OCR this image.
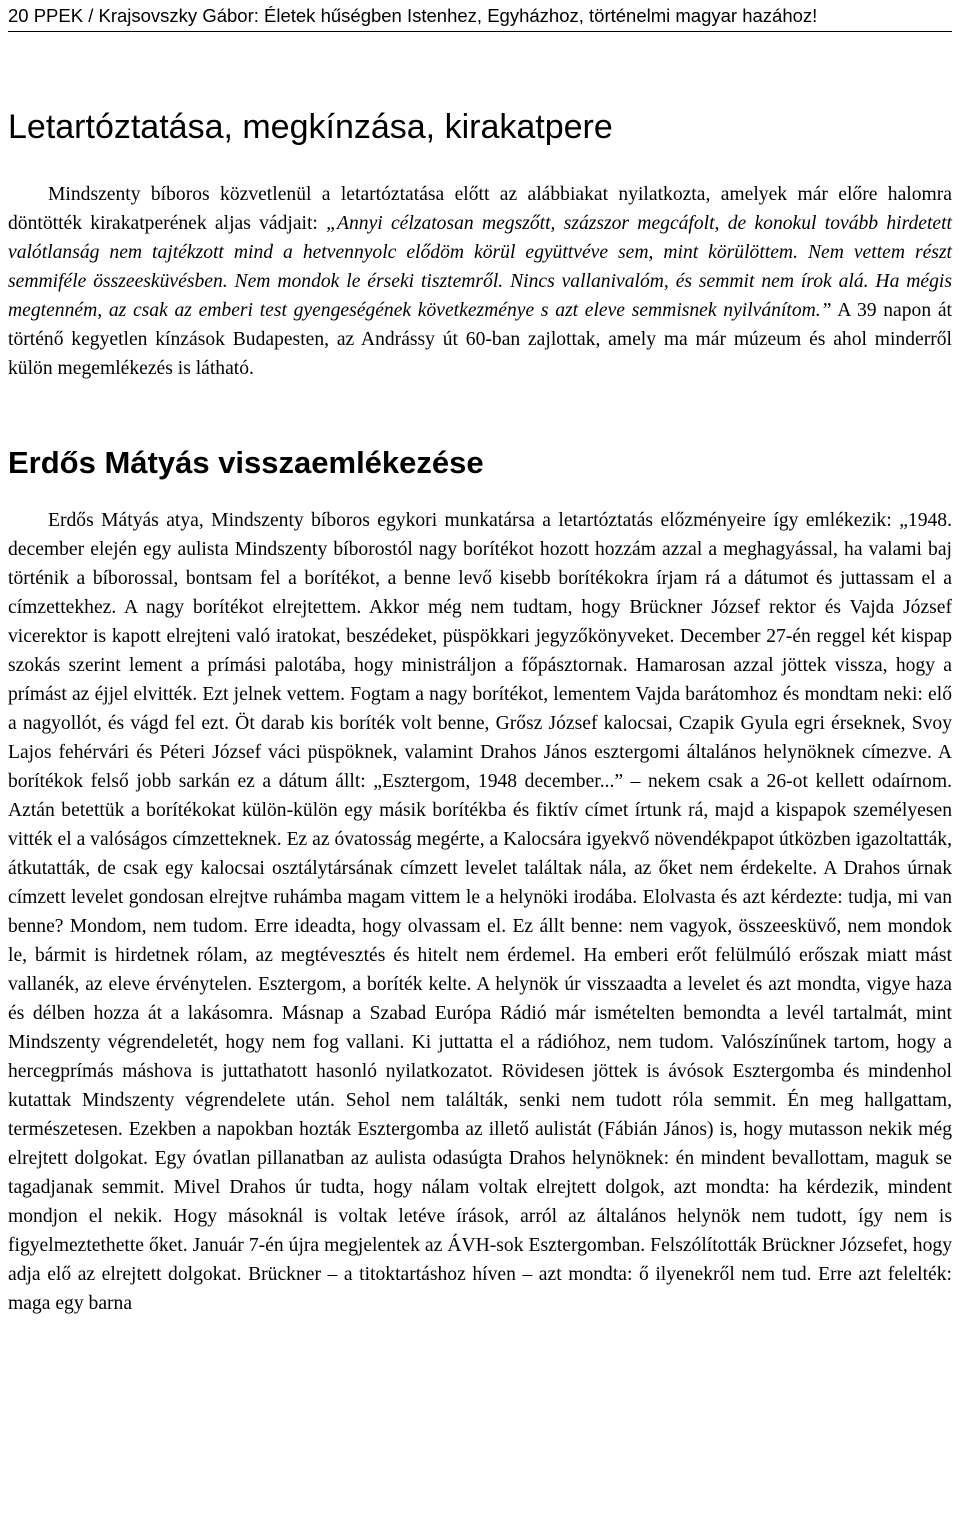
20 PPEK / Krajsovszky Gábor: Életek hűségben Istenhez, Egyházhoz, történelmi magyar hazához!
Letartóztatása, megkínzása, kirakatpere

Mindszenty bíboros közvetlenül a letartóztatása előtt az alábbiakat nyilatkozta, amelyek már előre halomra döntötték kirakatperének aljas vádjait: „Annyi célzatosan megszőtt, százszor megcáfolt, de konokul tovább hirdetett valótlanság nem tajtékzott mind a hetvennyolc elődöm körül együttvéve sem, mint körülöttem. Nem vettem részt semmiféle összeesküvésben. Nem mondok le érseki tisztemről. Nincs vallanivalóm, és semmit nem írok alá. Ha mégis megtenném, az csak az emberi test gyengeségének következménye s azt eleve semmisnek nyilvánítom.” A 39 napon át történő kegyetlen kínzások Budapesten, az Andrássy út 60-ban zajlottak, amely ma már múzeum és ahol minderről külön megemlékezés is látható.

Erdős Mátyás visszaemlékezése

Erdős Mátyás atya, Mindszenty bíboros egykori munkatársa a letartóztatás előzményeire így emlékezik: „1948. december elején egy aulista Mindszenty bíborostól nagy borítékot hozott hozzám azzal a meghagyással, ha valami baj történik a bíborossal, bontsam fel a borítékot, a benne levő kisebb borítékokra írjam rá a dátumot és juttassam el a címzettekhez. A nagy borítékot elrejtettem. Akkor még nem tudtam, hogy Brückner József rektor és Vajda József vicerektor is kapott elrejteni való iratokat, beszédeket, püspökkari jegyzőkönyveket. December 27-én reggel két kispap szokás szerint lement a prímási palotába, hogy ministráljon a főpásztornak. Hamarosan azzal jöttek vissza, hogy a prímást az éjjel elvitték. Ezt jelnek vettem. Fogtam a nagy borítékot, lementem Vajda barátomhoz és mondtam neki: elő a nagyollót, és vágd fel ezt. Öt darab kis boríték volt benne, Grősz József kalocsai, Czapik Gyula egri érseknek, Svoy Lajos fehérvári és Péteri József váci püspöknek, valamint Drahos János esztergomi általános helynöknek címezve. A borítékok felső jobb sarkán ez a dátum állt: „Esztergom, 1948 december...” – nekem csak a 26-ot kellett odaírnom. Aztán betettük a borítékokat külön-külön egy másik borítékba és fiktív címet írtunk rá, majd a kispapok személyesen vitték el a valóságos címzetteknek. Ez az óvatosság megérte, a Kalocsára igyekvő növendékpapot útközben igazoltatták, átkutatták, de csak egy kalocsai osztálytársának címzett levelet találtak nála, az őket nem érdekelte. A Drahos úrnak címzett levelet gondosan elrejtve ruhámba magam vittem le a helynöki irodába. Elolvasta és azt kérdezte: tudja, mi van benne? Mondom, nem tudom. Erre ideadta, hogy olvassam el. Ez állt benne: nem vagyok, összeesküvő, nem mondok le, bármit is hirdetnek rólam, az megtévesztés és hitelt nem érdemel. Ha emberi erőt felülmúló erőszak miatt mást vallanék, az eleve érvénytelen. Esztergom, a boríték kelte. A helynök úr visszaadta a levelet és azt mondta, vigye haza és délben hozza át a lakásomra. Másnap a Szabad Európa Rádió már ismételten bemondta a levél tartalmát, mint Mindszenty végrendeletét, hogy nem fog vallani. Ki juttatta el a rádióhoz, nem tudom. Valószínűnek tartom, hogy a hercegprímás máshova is juttathatott hasonló nyilatkozatot. Rövidesen jöttek is ávósok Esztergomba és mindenhol kutattak Mindszenty végrendelete után. Sehol nem találták, senki nem tudott róla semmit. Én meg hallgattam, természetesen. Ezekben a napokban hozták Esztergomba az illető aulistát (Fábián János) is, hogy mutasson nekik még elrejtett dolgokat. Egy óvatlan pillanatban az aulista odasúgta Drahos helynöknek: én mindent bevallottam, maguk se tagadjanak semmit. Mivel Drahos úr tudta, hogy nálam voltak elrejtett dolgok, azt mondta: ha kérdezik, mindent mondjon el nekik. Hogy másoknál is voltak letéve írások, arról az általános helynök nem tudott, így nem is figyelmeztethette őket. Január 7-én újra megjelentek az ÁVH-sok Esztergomban. Felszólították Brückner Józsefet, hogy adja elő az elrejtett dolgokat. Brückner – a titoktartáshoz híven – azt mondta: ő ilyenekről nem tud. Erre azt felelték: maga egy barna
